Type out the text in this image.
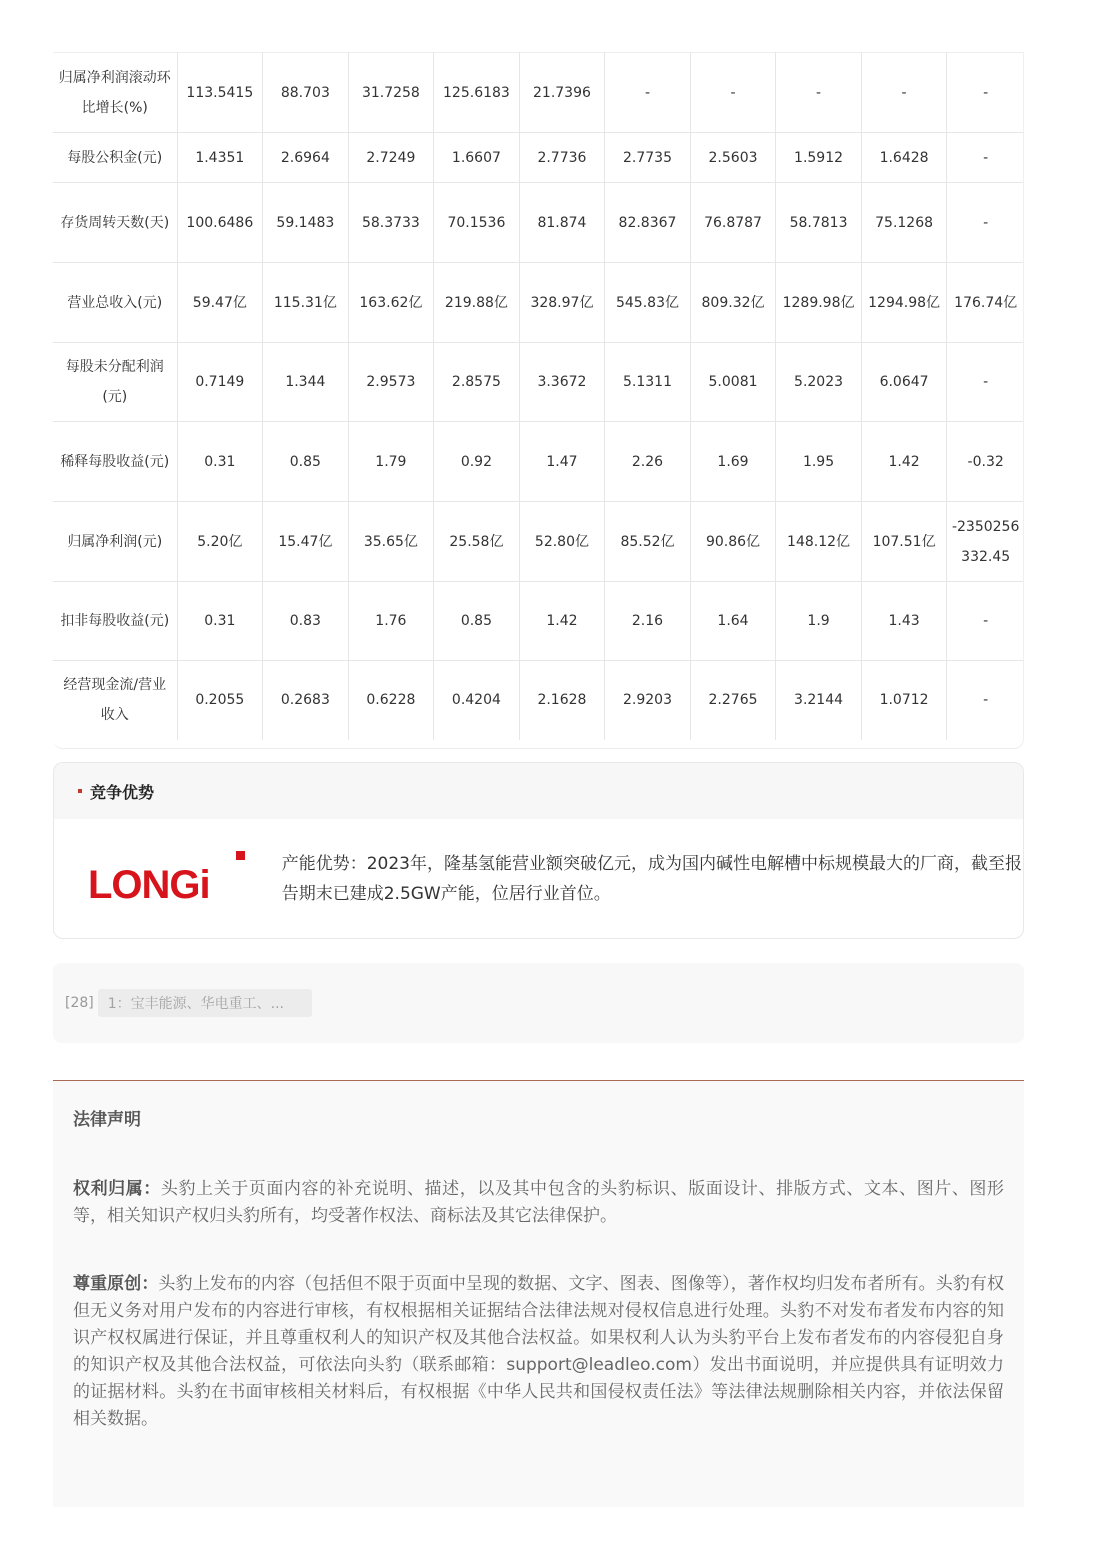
归属净利润滚动环比增长(%)	113.5415	88.703	31.7258	125.6183	21.7396	-	-	-	-	-
每股公积金(元)	1.4351	2.6964	2.7249	1.6607	2.7736	2.7735	2.5603	1.5912	1.6428	-
存货周转天数(天)	100.6486	59.1483	58.3733	70.1536	81.874	82.8367	76.8787	58.7813	75.1268	-
营业总收入(元)	59.47亿	115.31亿	163.62亿	219.88亿	328.97亿	545.83亿	809.32亿	1289.98亿	1294.98亿	176.74亿
每股未分配利润(元)	0.7149	1.344	2.9573	2.8575	3.3672	5.1311	5.0081	5.2023	6.0647	-
稀释每股收益(元)	0.31	0.85	1.79	0.92	1.47	2.26	1.69	1.95	1.42	-0.32
归属净利润(元)	5.20亿	15.47亿	35.65亿	25.58亿	52.80亿	85.52亿	90.86亿	148.12亿	107.51亿	-2350256332.45
扣非每股收益(元)	0.31	0.83	1.76	0.85	1.42	2.16	1.64	1.9	1.43	-
经营现金流/营业收入	0.2055	0.2683	0.6228	0.4204	2.1628	2.9203	2.2765	3.2144	1.0712	-
竞争优势
LONGi	产能优势：2023年，隆基氢能营业额突破亿元，成为国内碱性电解槽中标规模最大的厂商，截至报告期末已建成2.5GW产能，位居行业首位。
[28]	1：宝丰能源、华电重工、...
法律声明

权利归属：头豹上关于页面内容的补充说明、描述，以及其中包含的头豹标识、版面设计、排版方式、文本、图片、图形等，相关知识产权归头豹所有，均受著作权法、商标法及其它法律保护。

尊重原创：头豹上发布的内容（包括但不限于页面中呈现的数据、文字、图表、图像等），著作权均归发布者所有。头豹有权但无义务对用户发布的内容进行审核，有权根据相关证据结合法律法规对侵权信息进行处理。头豹不对发布者发布内容的知识产权权属进行保证，并且尊重权利人的知识产权及其他合法权益。如果权利人认为头豹平台上发布者发布的内容侵犯自身的知识产权及其他合法权益，可依法向头豹（联系邮箱：support@leadleo.com）发出书面说明，并应提供具有证明效力的证据材料。头豹在书面审核相关材料后，有权根据《中华人民共和国侵权责任法》等法律法规删除相关内容，并依法保留相关数据。
